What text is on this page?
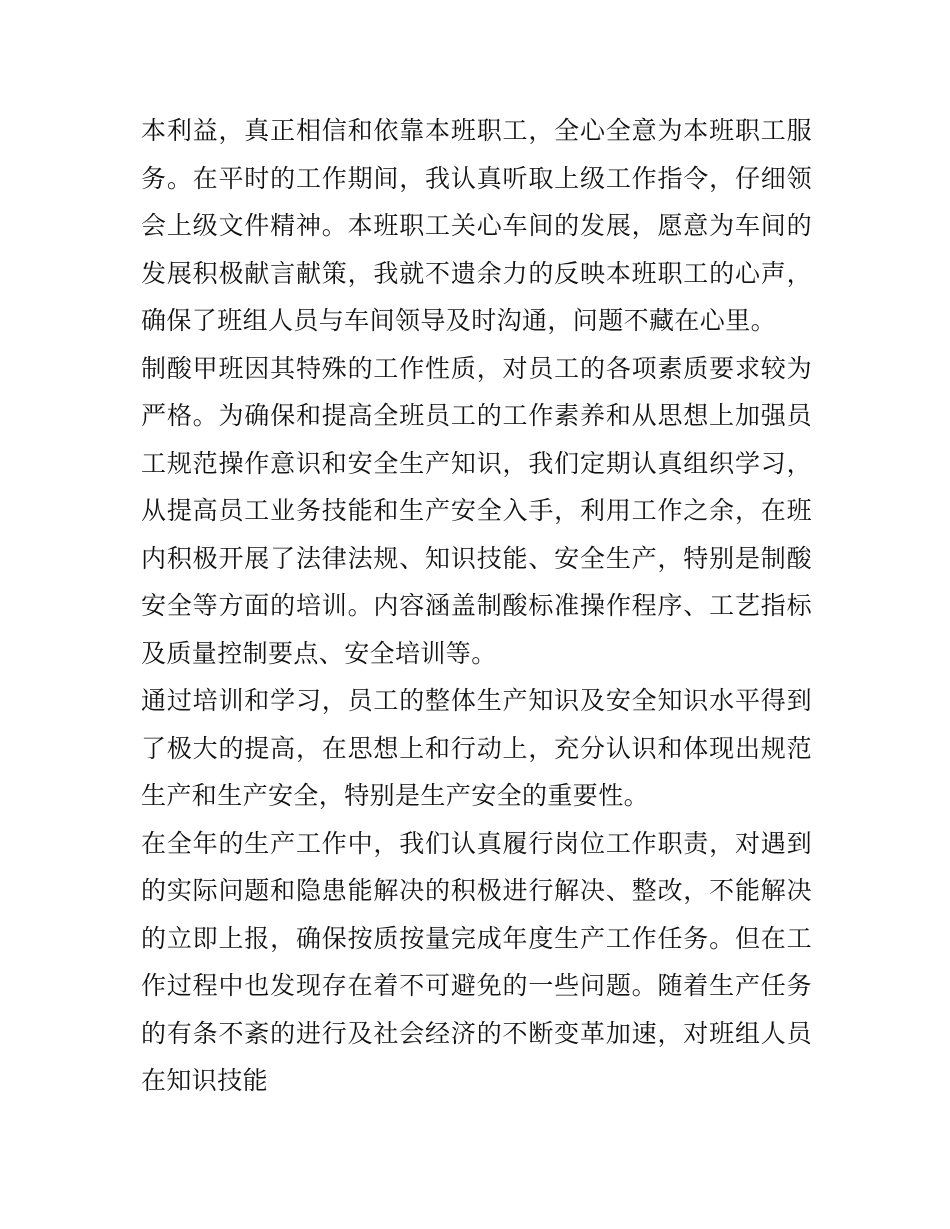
本利益，真正相信和依靠本班职工，全心全意为本班职工服务。在平时的工作期间，我认真听取上级工作指令，仔细领会上级文件精神。本班职工关心车间的发展，愿意为车间的发展积极献言献策，我就不遗余力的反映本班职工的心声，确保了班组人员与车间领导及时沟通，问题不藏在心里。

制酸甲班因其特殊的工作性质，对员工的各项素质要求较为严格。为确保和提高全班员工的工作素养和从思想上加强员工规范操作意识和安全生产知识，我们定期认真组织学习，从提高员工业务技能和生产安全入手，利用工作之余，在班内积极开展了法律法规、知识技能、安全生产，特别是制酸安全等方面的培训。内容涵盖制酸标准操作程序、工艺指标及质量控制要点、安全培训等。

通过培训和学习，员工的整体生产知识及安全知识水平得到了极大的提高，在思想上和行动上，充分认识和体现出规范生产和生产安全，特别是生产安全的重要性。

在全年的生产工作中，我们认真履行岗位工作职责，对遇到的实际问题和隐患能解决的积极进行解决、整改，不能解决的立即上报，确保按质按量完成年度生产工作任务。但在工作过程中也发现存在着不可避免的一些问题。随着生产任务的有条不紊的进行及社会经济的不断变革加速，对班组人员在知识技能
